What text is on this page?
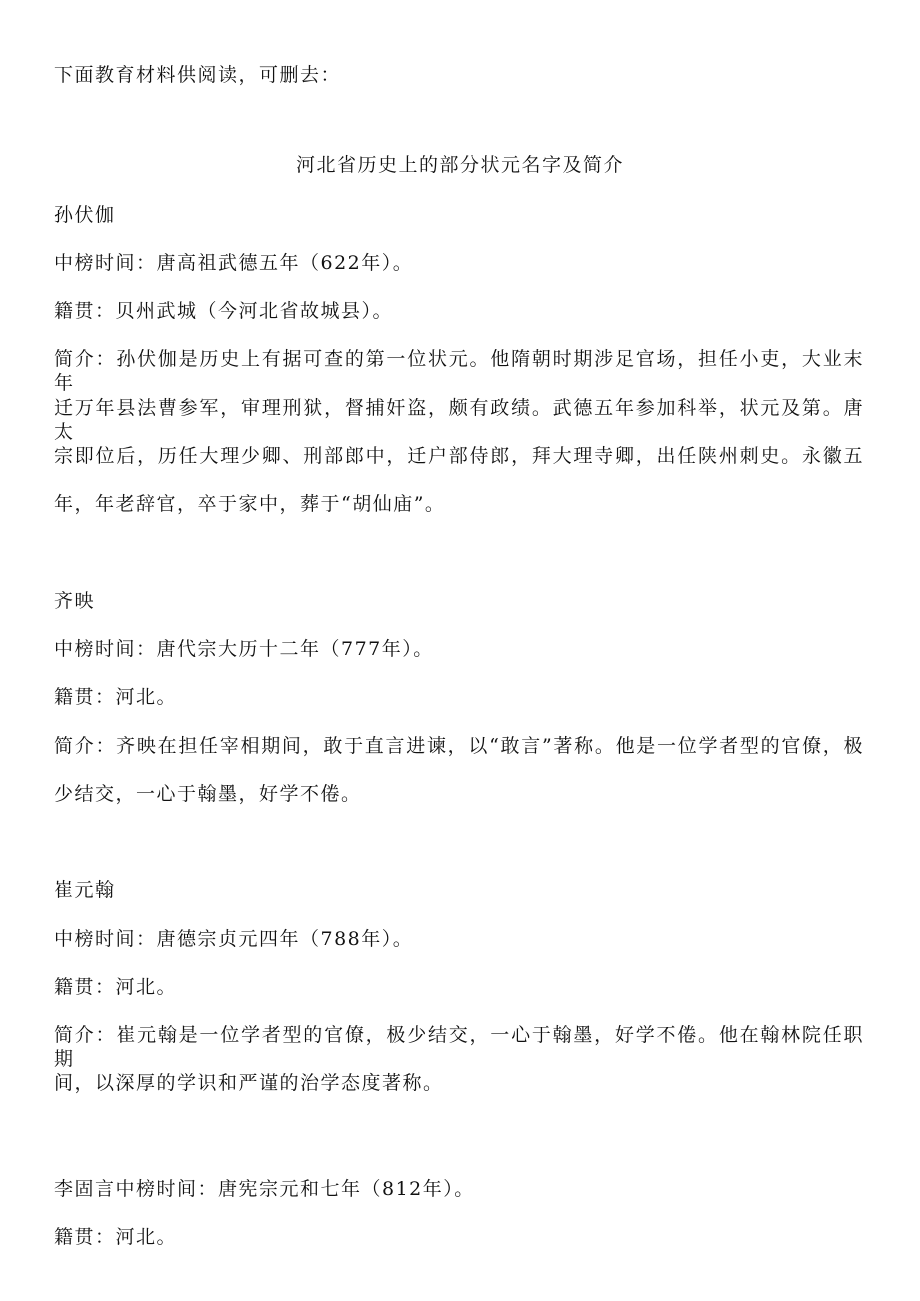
下面教育材料供阅读，可删去：
河北省历史上的部分状元名字及简介
孙伏伽
中榜时间：唐高祖武德五年（622年）。
籍贯：贝州武城（今河北省故城县）。
简介：孙伏伽是历史上有据可查的第一位状元。他隋朝时期涉足官场，担任小吏，大业末年
迁万年县法曹参军，审理刑狱，督捕奸盗，颇有政绩。武德五年参加科举，状元及第。唐太
宗即位后，历任大理少卿、刑部郎中，迁户部侍郎，拜大理寺卿，出任陕州刺史。永徽五
年，年老辞官，卒于家中，葬于“胡仙庙”。
齐映
中榜时间：唐代宗大历十二年（777年）。
籍贯：河北。
简介：齐映在担任宰相期间，敢于直言进谏，以“敢言”著称。他是一位学者型的官僚，极
少结交，一心于翰墨，好学不倦。
崔元翰
中榜时间：唐德宗贞元四年（788年）。
籍贯：河北。
简介：崔元翰是一位学者型的官僚，极少结交，一心于翰墨，好学不倦。他在翰林院任职期
间，以深厚的学识和严谨的治学态度著称。
李固言中榜时间：唐宪宗元和七年（812年）。
籍贯：河北。
